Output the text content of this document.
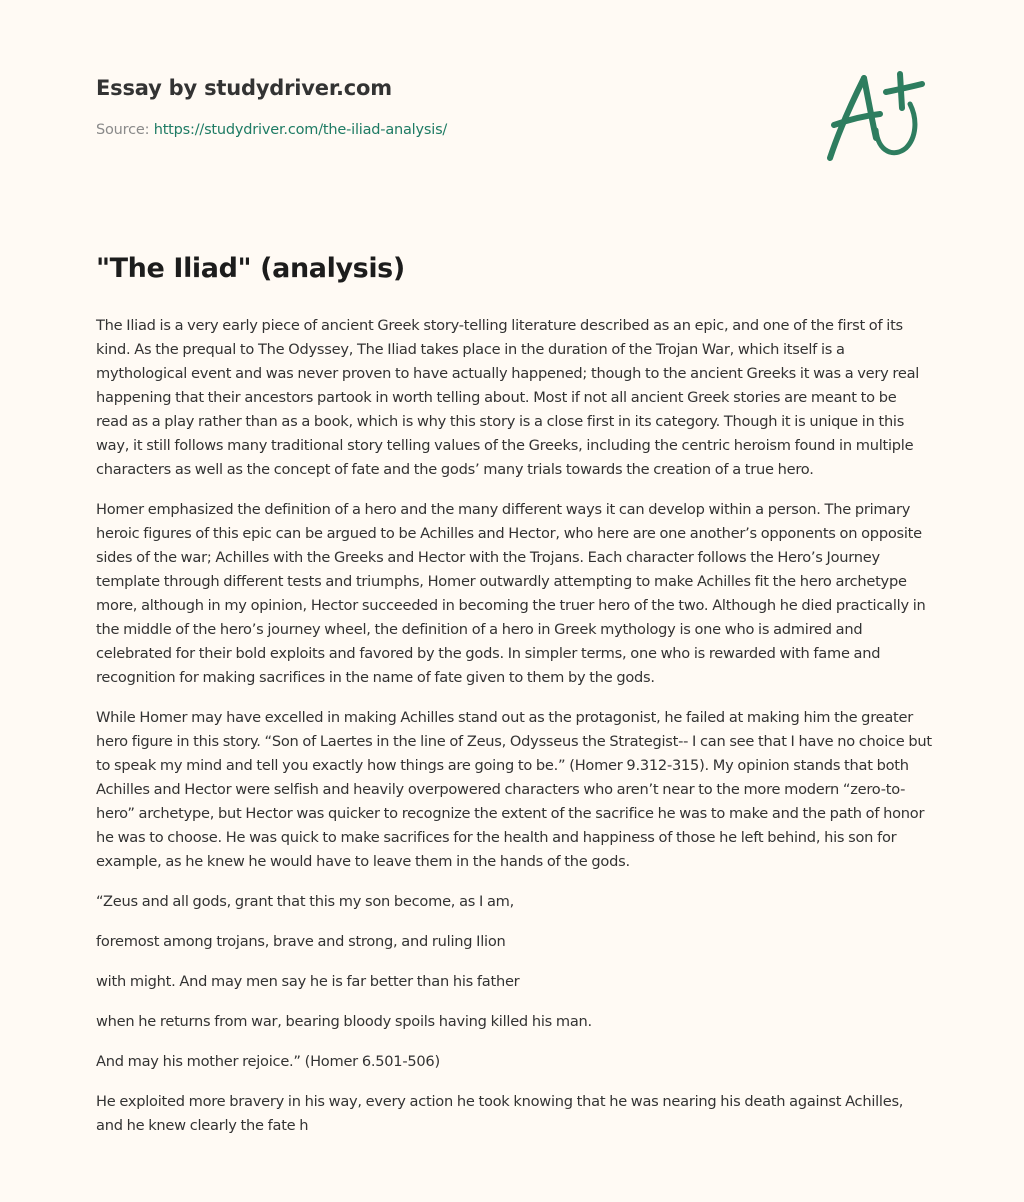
Essay by studydriver.com
Source: https://studydriver.com/the-iliad-analysis/
"The Iliad" (analysis)

The Iliad is a very early piece of ancient Greek story-telling literature described as an epic, and one of the first of its kind. As the prequal to The Odyssey, The Iliad takes place in the duration of the Trojan War, which itself is a mythological event and was never proven to have actually happened; though to the ancient Greeks it was a very real happening that their ancestors partook in worth telling about. Most if not all ancient Greek stories are meant to be read as a play rather than as a book, which is why this story is a close first in its category. Though it is unique in this way, it still follows many traditional story telling values of the Greeks, including the centric heroism found in multiple characters as well as the concept of fate and the gods’ many trials towards the creation of a true hero.

Homer emphasized the definition of a hero and the many different ways it can develop within a person. The primary heroic figures of this epic can be argued to be Achilles and Hector, who here are one another’s opponents on opposite sides of the war; Achilles with the Greeks and Hector with the Trojans. Each character follows the Hero’s Journey template through different tests and triumphs, Homer outwardly attempting to make Achilles fit the hero archetype more, although in my opinion, Hector succeeded in becoming the truer hero of the two. Although he died practically in the middle of the hero’s journey wheel, the definition of a hero in Greek mythology is one who is admired and celebrated for their bold exploits and favored by the gods. In simpler terms, one who is rewarded with fame and recognition for making sacrifices in the name of fate given to them by the gods.

While Homer may have excelled in making Achilles stand out as the protagonist, he failed at making him the greater hero figure in this story. “Son of Laertes in the line of Zeus, Odysseus the Strategist-- I can see that I have no choice but to speak my mind and tell you exactly how things are going to be.” (Homer 9.312-315). My opinion stands that both Achilles and Hector were selfish and heavily overpowered characters who aren’t near to the more modern “zero-to-hero” archetype, but Hector was quicker to recognize the extent of the sacrifice he was to make and the path of honor he was to choose. He was quick to make sacrifices for the health and happiness of those he left behind, his son for example, as he knew he would have to leave them in the hands of the gods.

“Zeus and all gods, grant that this my son become, as I am,

foremost among trojans, brave and strong, and ruling Ilion

with might. And may men say he is far better than his father

when he returns from war, bearing bloody spoils having killed his man.

And may his mother rejoice.” (Homer 6.501-506)

He exploited more bravery in his way, every action he took knowing that he was nearing his death against Achilles, and he knew clearly the fate h
